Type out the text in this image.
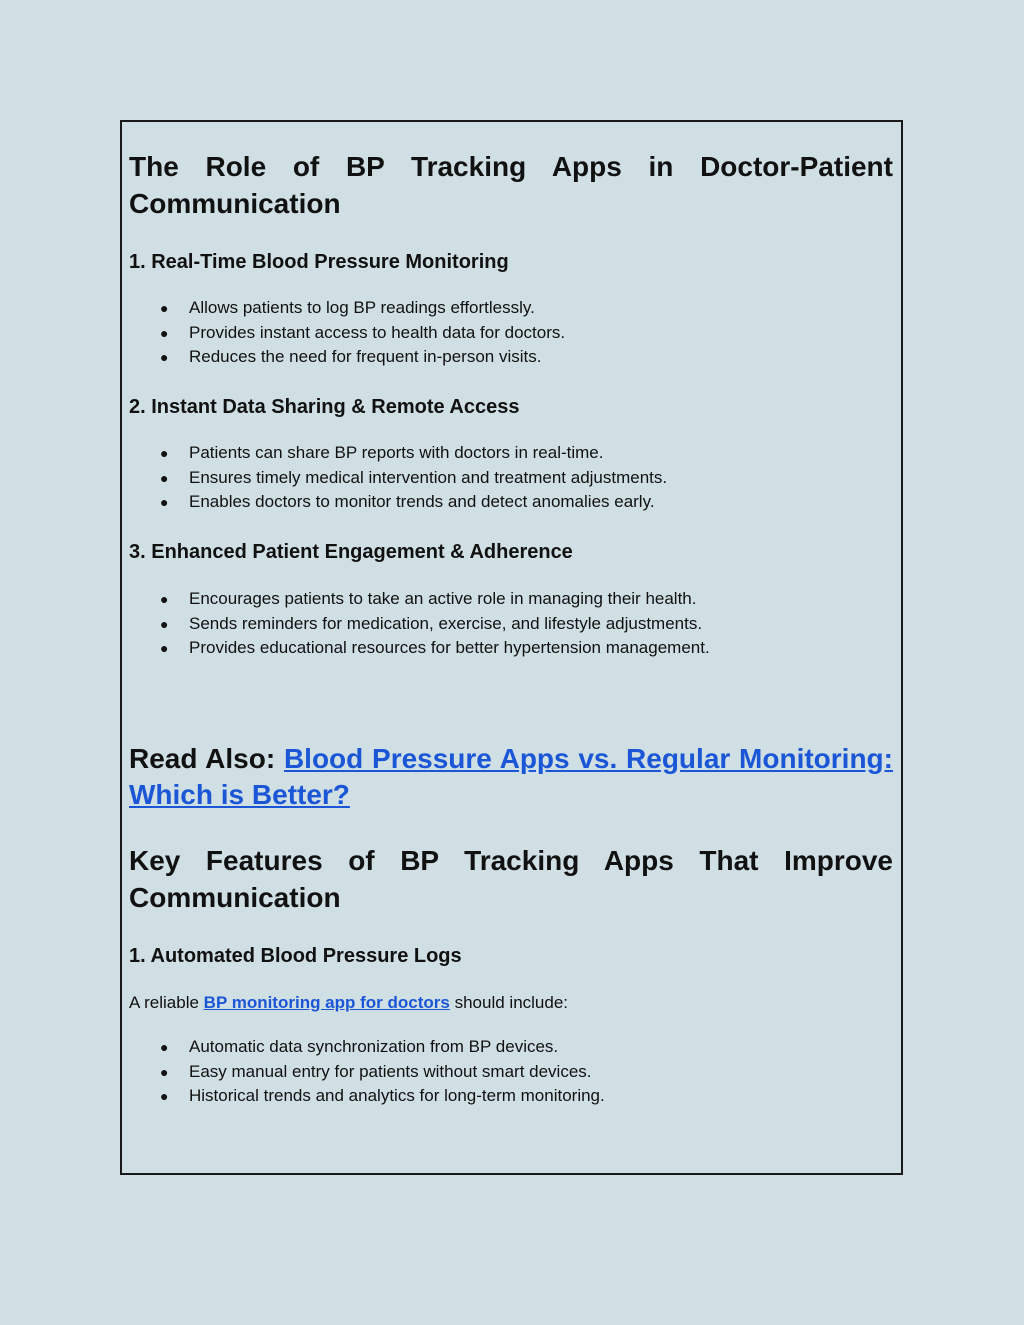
The Role of BP Tracking Apps in Doctor-Patient Communication
1. Real-Time Blood Pressure Monitoring
● Allows patients to log BP readings effortlessly.
● Provides instant access to health data for doctors.
● Reduces the need for frequent in-person visits.
2. Instant Data Sharing & Remote Access
● Patients can share BP reports with doctors in real-time.
● Ensures timely medical intervention and treatment adjustments.
● Enables doctors to monitor trends and detect anomalies early.
3. Enhanced Patient Engagement & Adherence
● Encourages patients to take an active role in managing their health.
● Sends reminders for medication, exercise, and lifestyle adjustments.
● Provides educational resources for better hypertension management.

Read Also: Blood Pressure Apps vs. Regular Monitoring: Which is Better?

Key Features of BP Tracking Apps That Improve Communication
1. Automated Blood Pressure Logs

A reliable BP monitoring app for doctors should include:

● Automatic data synchronization from BP devices.
● Easy manual entry for patients without smart devices.
● Historical trends and analytics for long-term monitoring.
